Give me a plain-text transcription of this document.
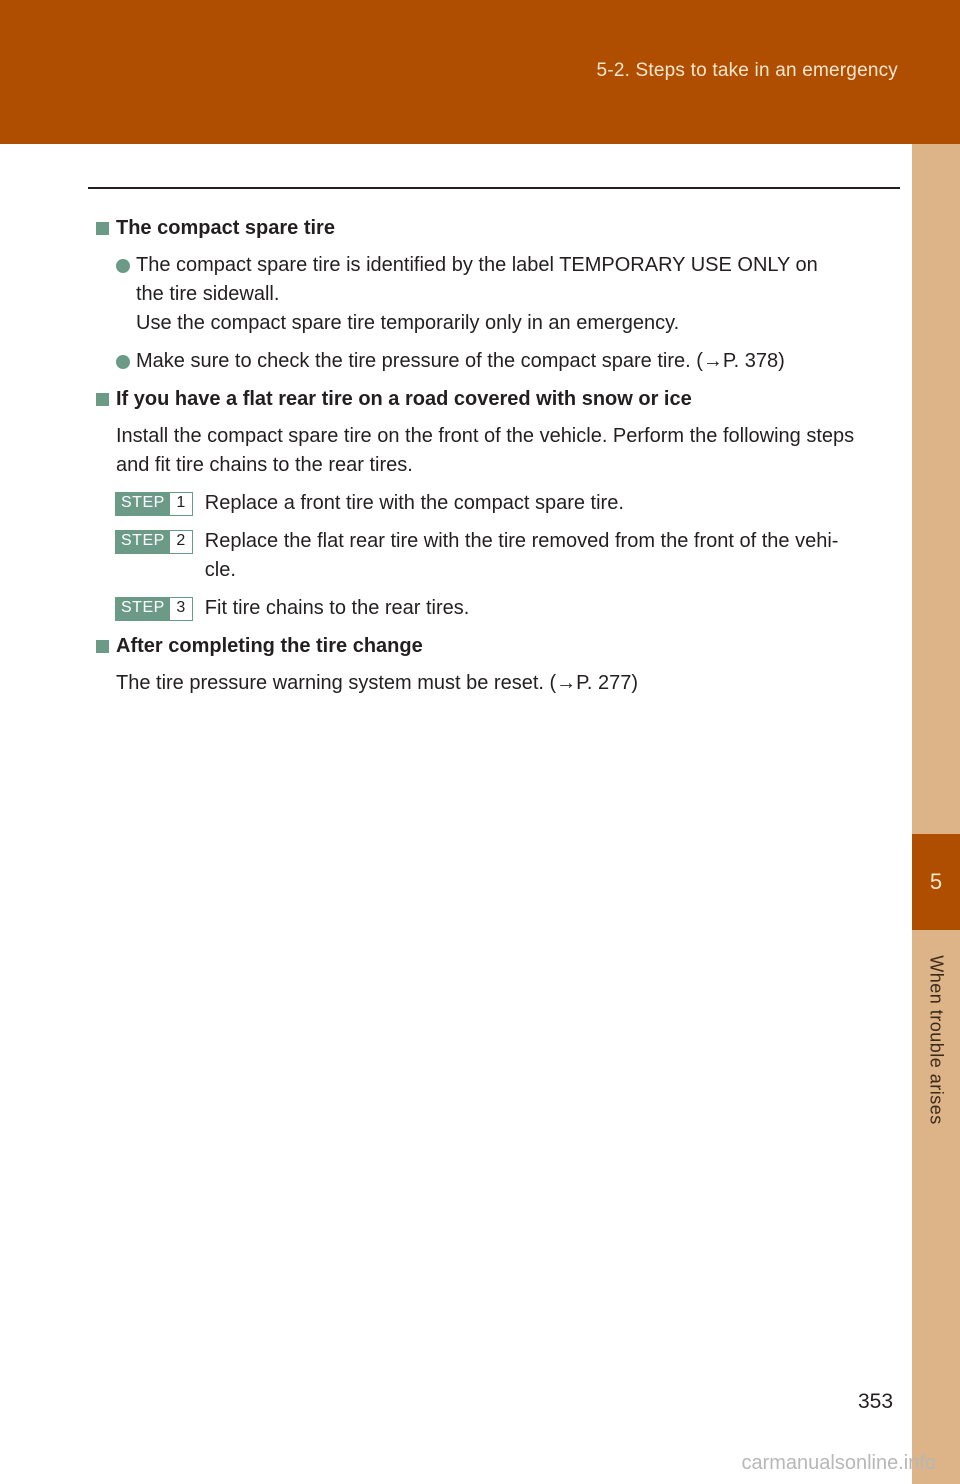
5-2. Steps to take in an emergency
5
When trouble arises
The compact spare tire
The compact spare tire is identified by the label TEMPORARY USE ONLY on
the tire sidewall.
Use the compact spare tire temporarily only in an emergency.
Make sure to check the tire pressure of the compact spare tire. (→P. 378)
If you have a flat rear tire on a road covered with snow or ice
Install the compact spare tire on the front of the vehicle. Perform the following steps
and fit tire chains to the rear tires.
STEP 1 Replace a front tire with the compact spare tire.
STEP 2 Replace the flat rear tire with the tire removed from the front of the vehi-
cle.
STEP 3 Fit tire chains to the rear tires.
After completing the tire change
The tire pressure warning system must be reset. (→P. 277)
353
carmanualsonline.info
